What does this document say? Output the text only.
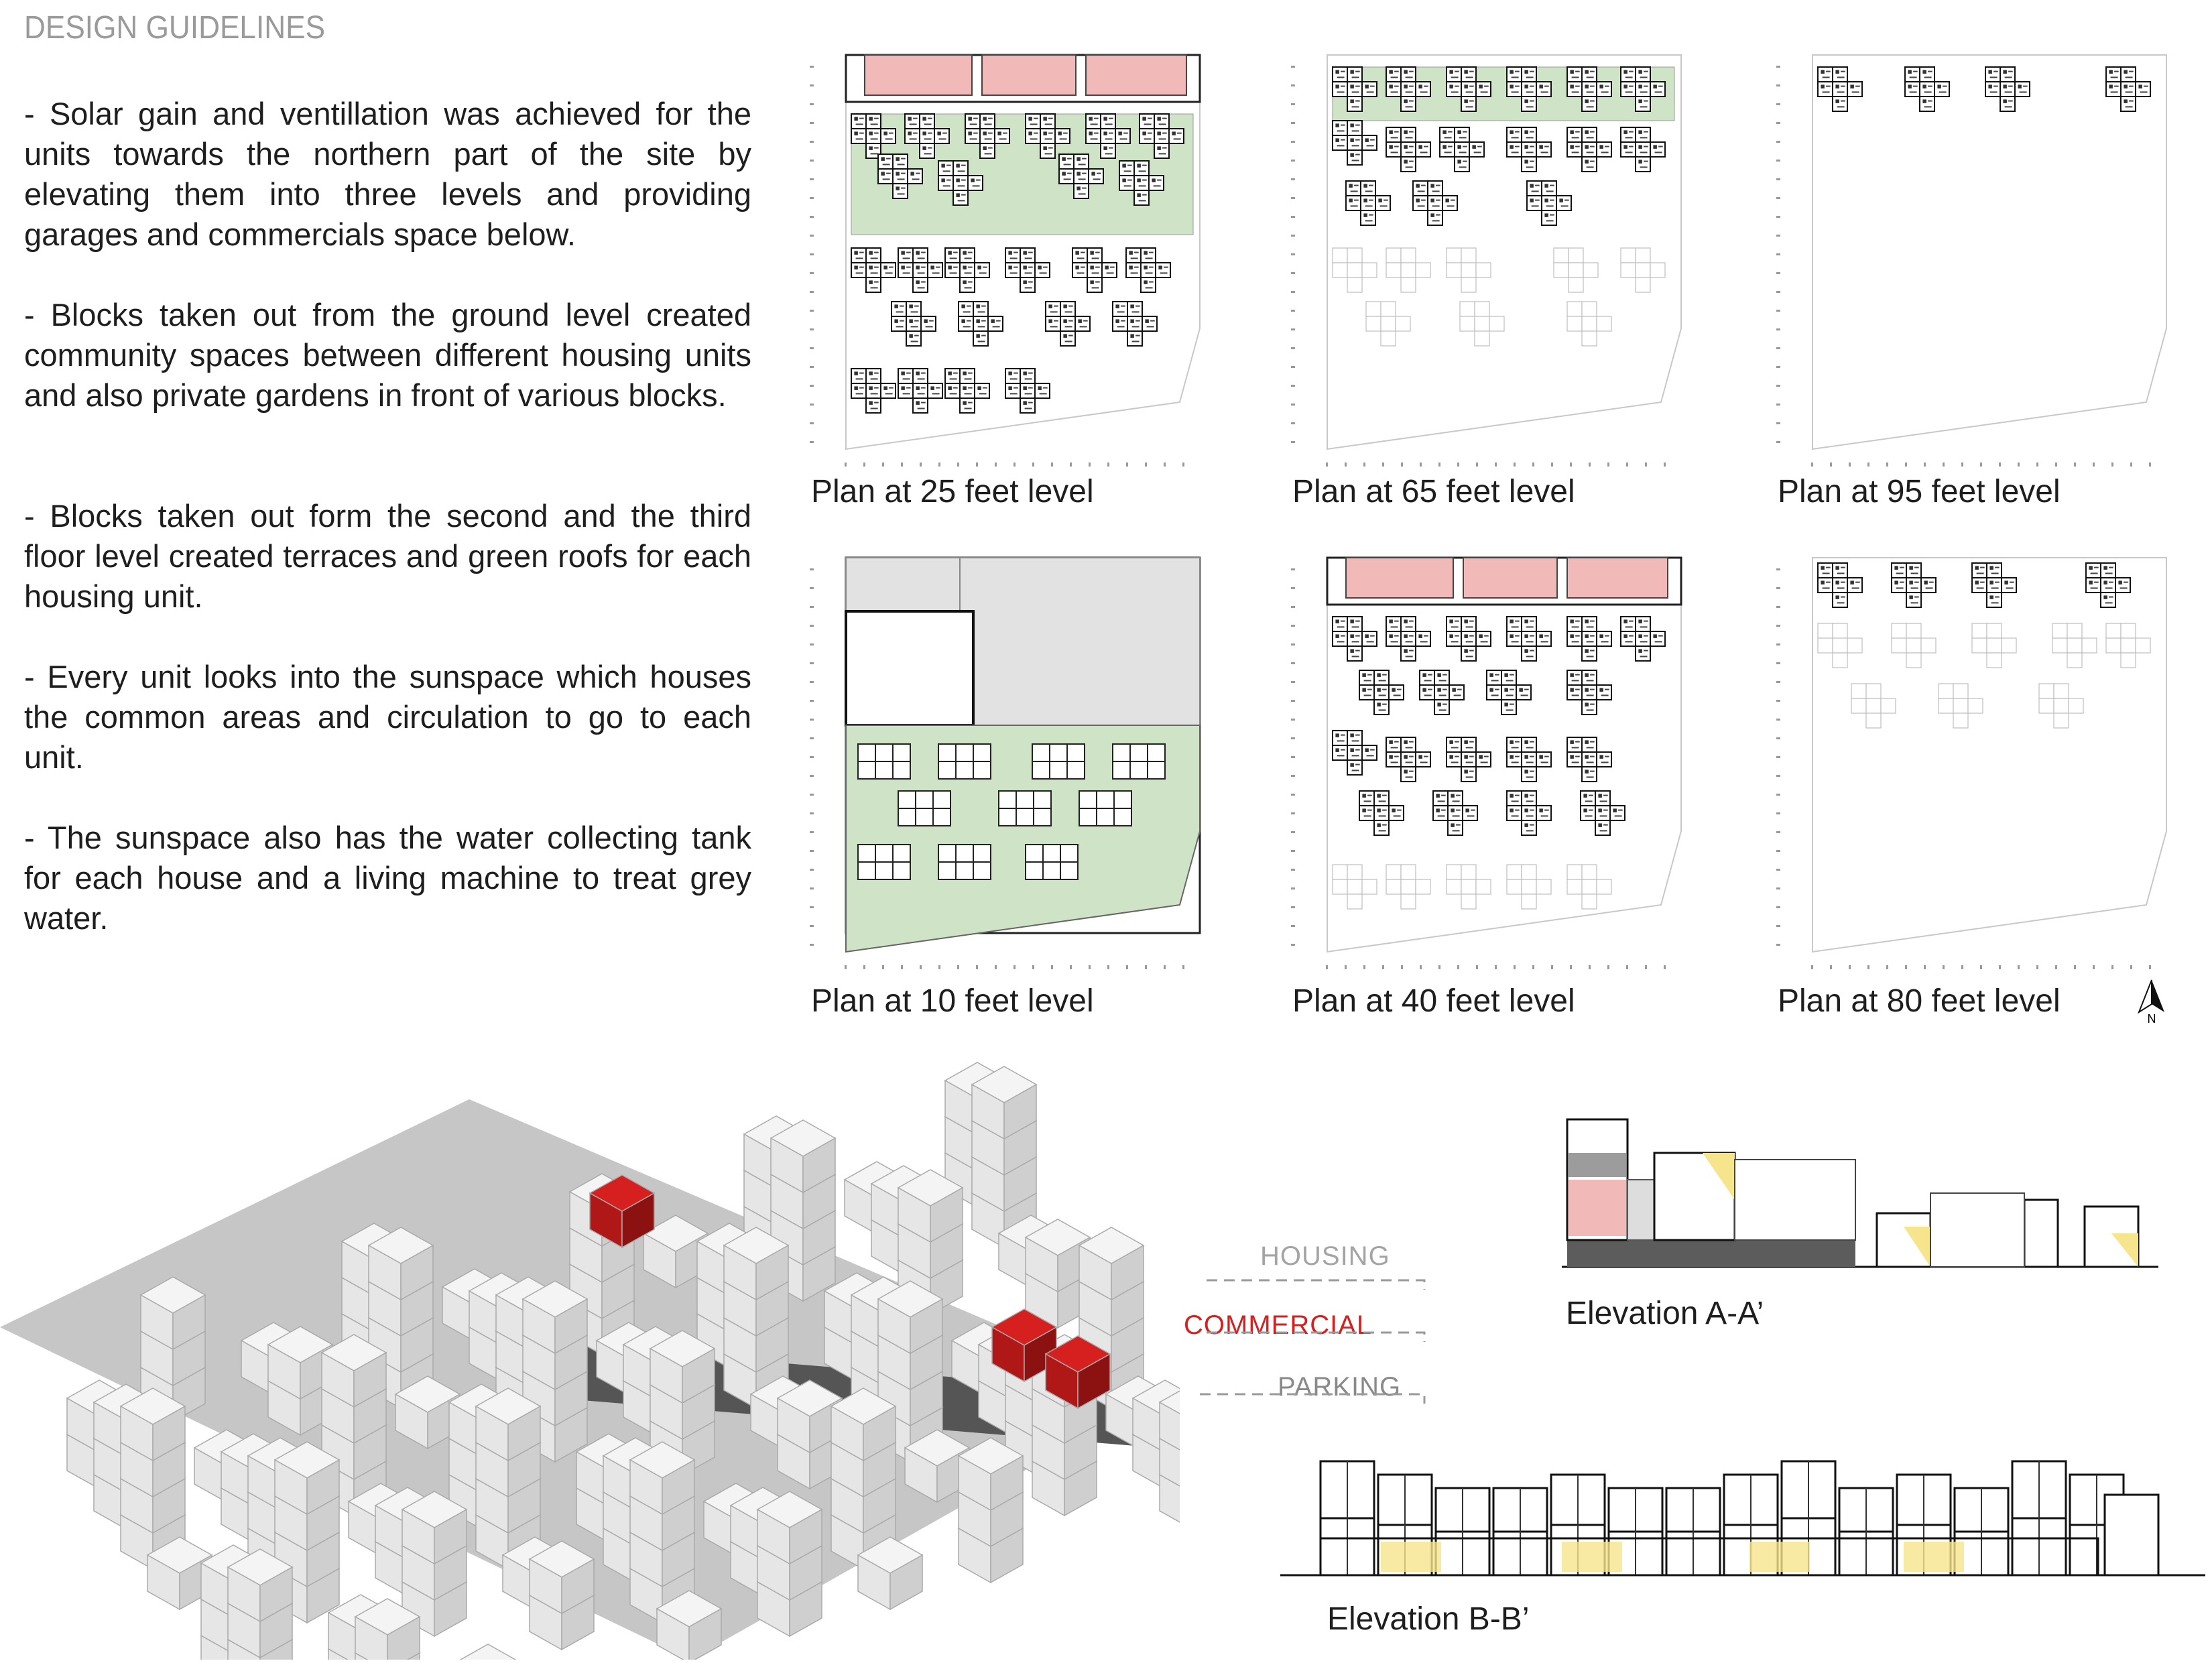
DESIGN GUIDELINES

- Solar gain and ventillation was achieved for the units towards the northern part of the site by elevating them into three levels and providing garages and commercials space below.

- Blocks taken out from the ground level created community spaces between different housing units and also private gardens in front of various blocks.

- Blocks taken out form the second and the third floor level created terraces and green roofs for each housing unit.

- Every unit looks into the sunspace which houses the common areas and circulation to go to each unit.

- The sunspace also has the water collecting tank for each house and a living machine to treat grey water.

Plan at 25 feet level	Plan at 65 feet level	Plan at 95 feet level
Plan at 10 feet level	Plan at 40 feet level	Plan at 80 feet level	N
HOUSING
COMMERCIAL
PARKING
Elevation A-A’
Elevation B-B’
